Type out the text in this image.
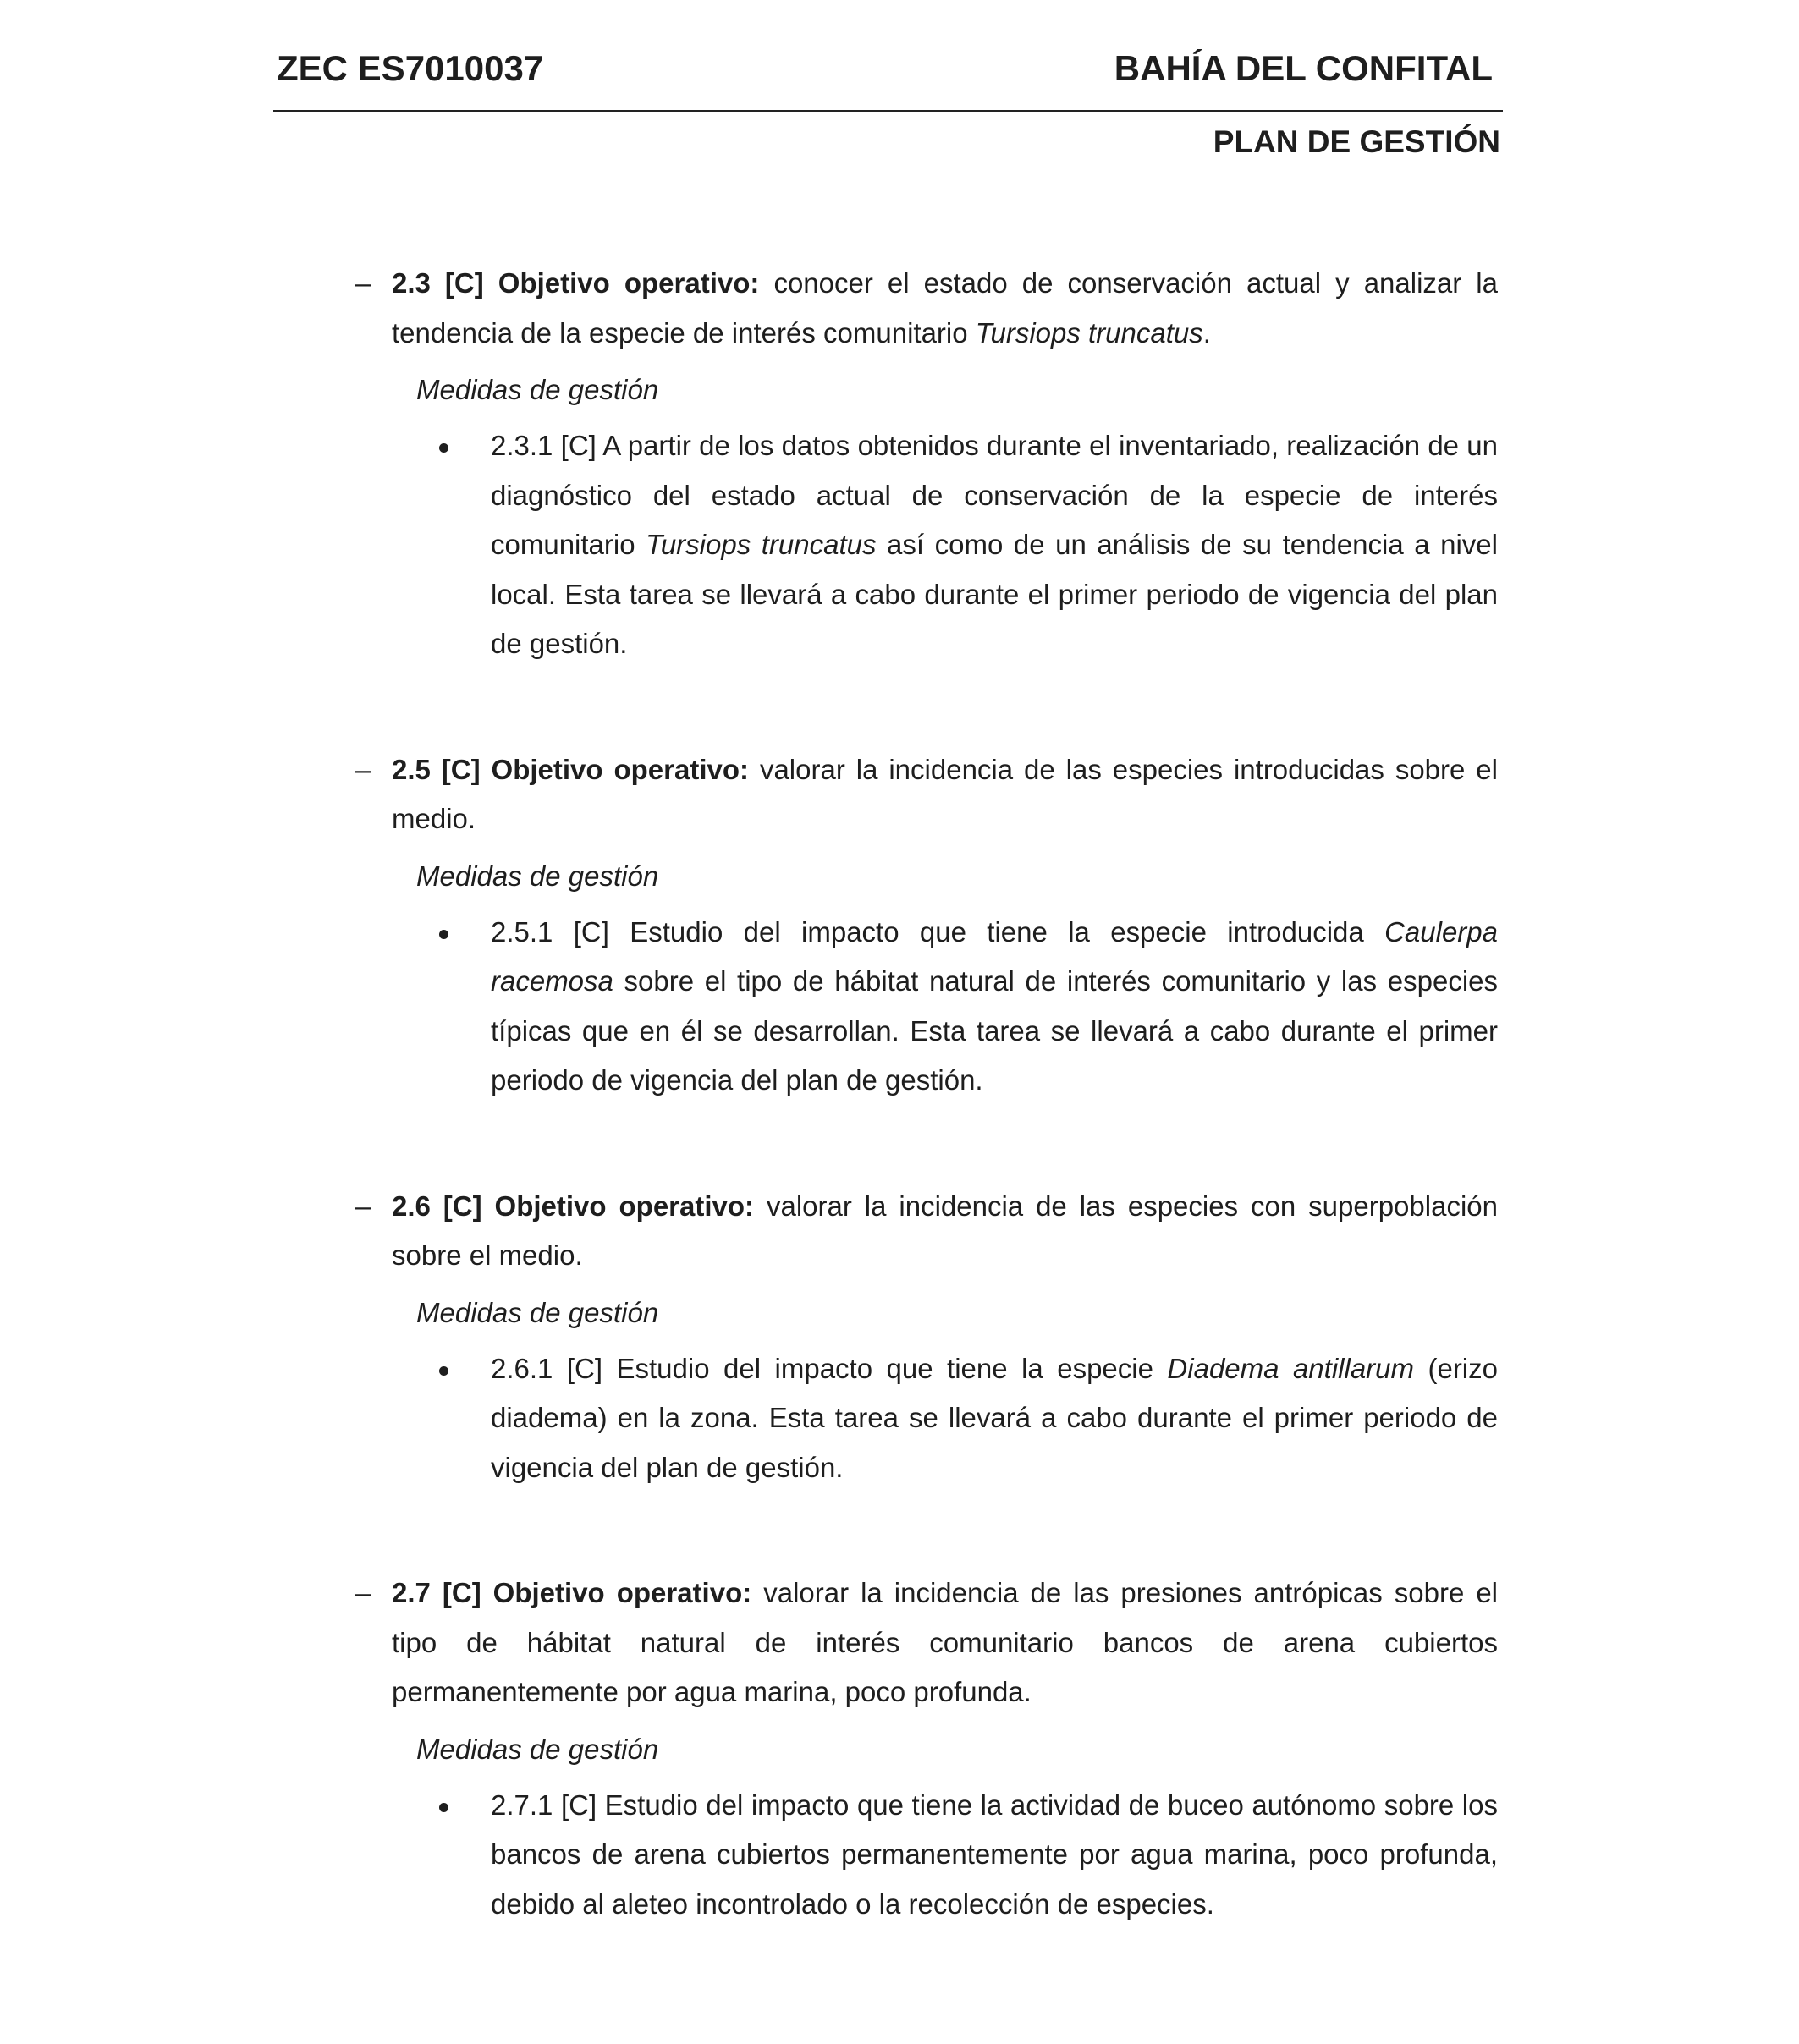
ZEC ES7010037	BAHÍA DEL CONFITAL
PLAN DE GESTIÓN

– 2.3 [C] Objetivo operativo: conocer el estado de conservación actual y analizar la tendencia de la especie de interés comunitario Tursiops truncatus.

Medidas de gestión

2.3.1 [C] A partir de los datos obtenidos durante el inventariado, realización de un diagnóstico del estado actual de conservación de la especie de interés comunitario Tursiops truncatus así como de un análisis de su tendencia a nivel local. Esta tarea se llevará a cabo durante el primer periodo de vigencia del plan de gestión.

– 2.5 [C] Objetivo operativo: valorar la incidencia de las especies introducidas sobre el medio.

Medidas de gestión

2.5.1 [C] Estudio del impacto que tiene la especie introducida Caulerpa racemosa sobre el tipo de hábitat natural de interés comunitario y las especies típicas que en él se desarrollan. Esta tarea se llevará a cabo durante el primer periodo de vigencia del plan de gestión.

– 2.6 [C] Objetivo operativo: valorar la incidencia de las especies con superpoblación sobre el medio.

Medidas de gestión

2.6.1 [C] Estudio del impacto que tiene la especie Diadema antillarum (erizo diadema) en la zona. Esta tarea se llevará a cabo durante el primer periodo de vigencia del plan de gestión.

– 2.7 [C] Objetivo operativo: valorar la incidencia de las presiones antrópicas sobre el tipo de hábitat natural de interés comunitario bancos de arena cubiertos permanentemente por agua marina, poco profunda.

Medidas de gestión

2.7.1 [C] Estudio del impacto que tiene la actividad de buceo autónomo sobre los bancos de arena cubiertos permanentemente por agua marina, poco profunda, debido al aleteo incontrolado o la recolección de especies.
